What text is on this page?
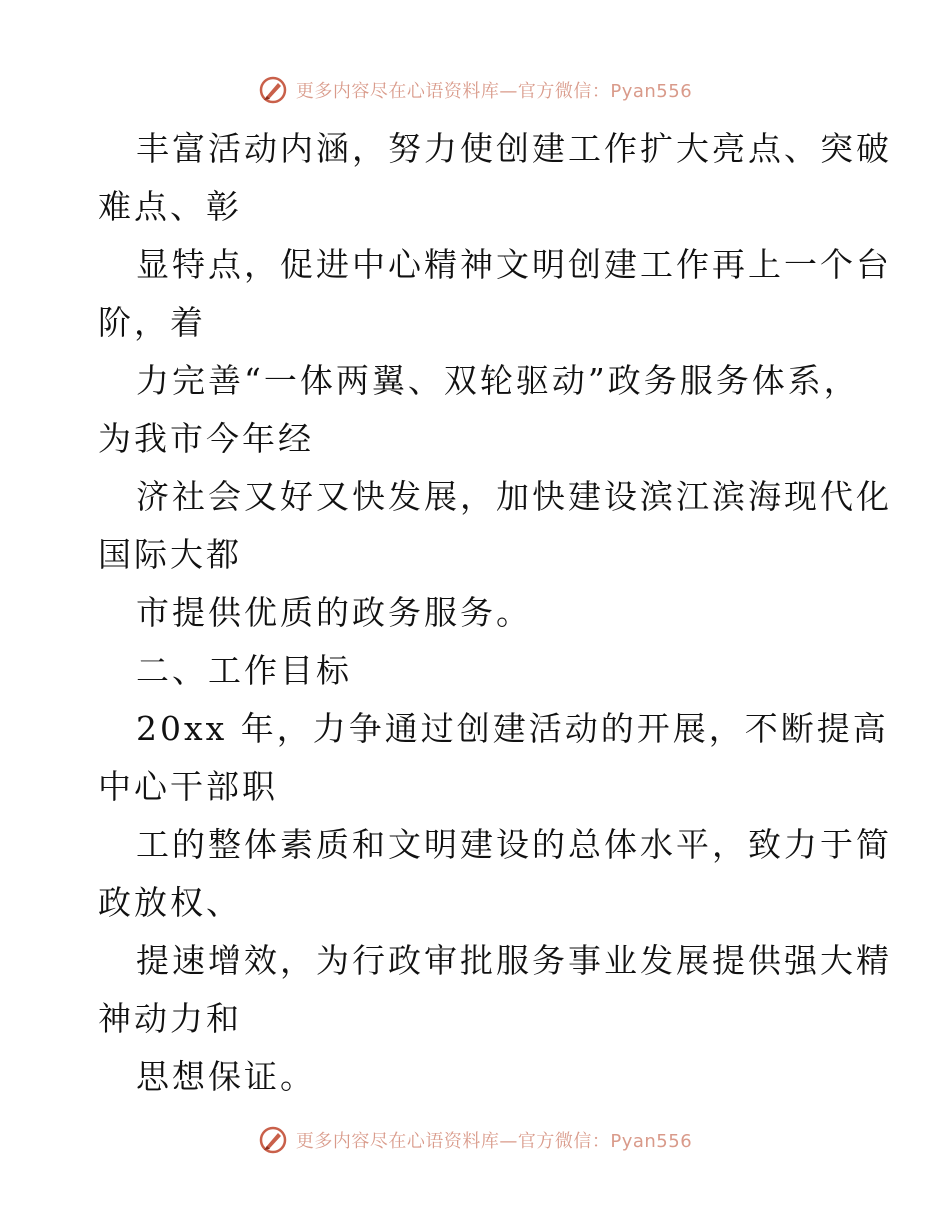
更多内容尽在心语资料库—官方微信：Pyan556
丰富活动内涵，努力使创建工作扩大亮点、突破
难点、彰
显特点，促进中心精神文明创建工作再上一个台
阶，着
力完善“一体两翼、双轮驱动”政务服务体系，
为我市今年经
济社会又好又快发展，加快建设滨江滨海现代化
国际大都
市提供优质的政务服务。
二、工作目标
20xx 年，力争通过创建活动的开展，不断提高
中心干部职
工的整体素质和文明建设的总体水平，致力于简
政放权、
提速增效，为行政审批服务事业发展提供强大精
神动力和
思想保证。
更多内容尽在心语资料库—官方微信：Pyan556
